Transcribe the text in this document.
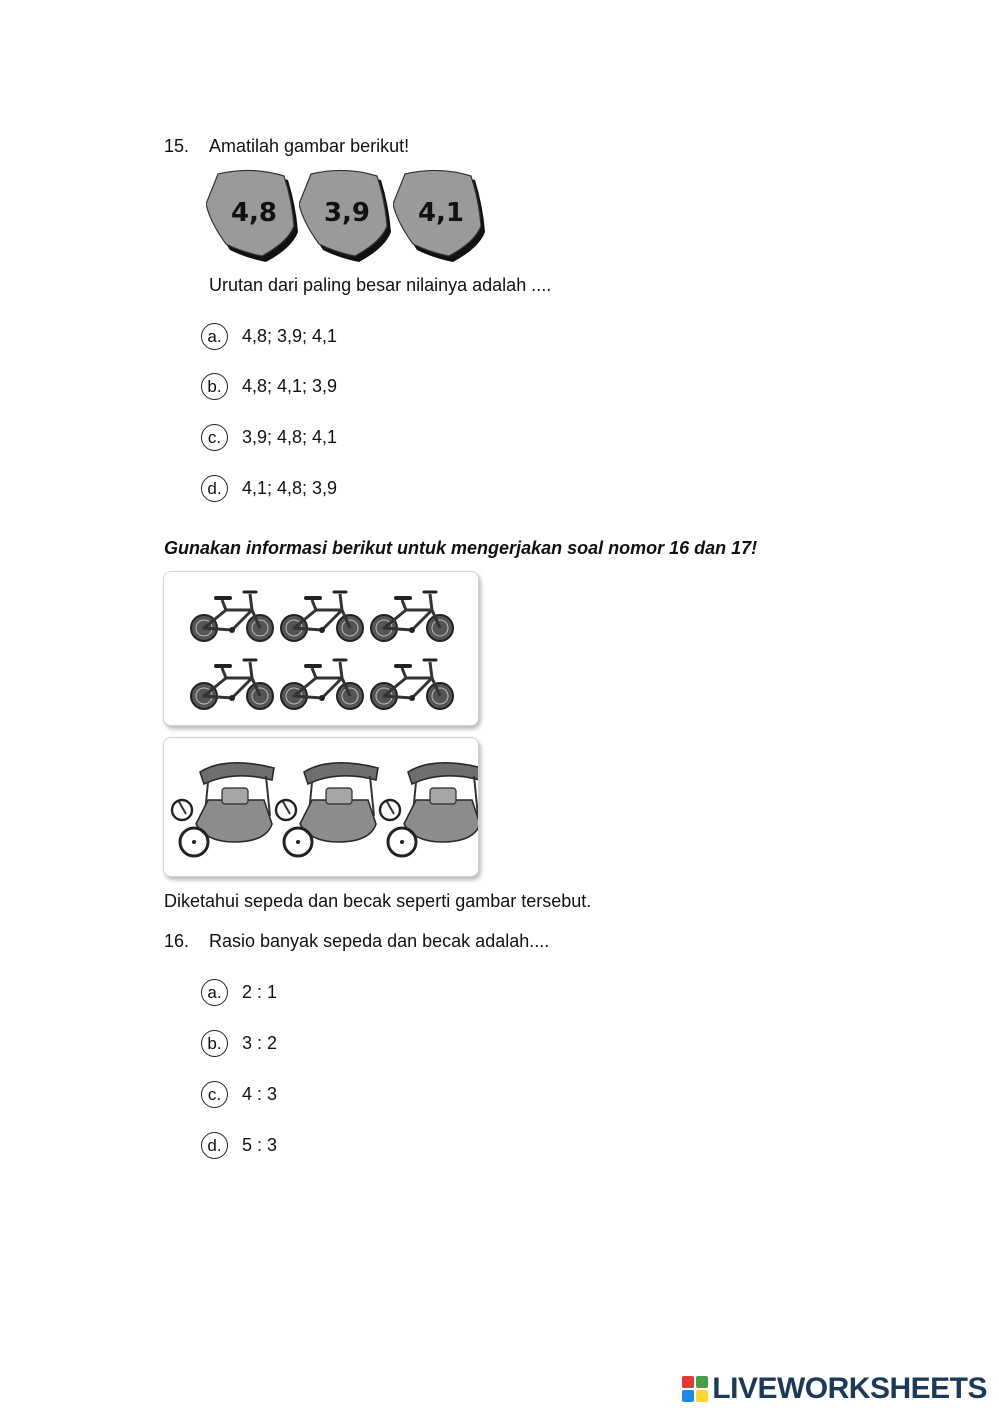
15. Amatilah gambar berikut!
4,8	3,9	4,1
Urutan dari paling besar nilainya adalah ....
a.	4,8; 3,9; 4,1
b.	4,8; 4,1; 3,9
c.	3,9; 4,8; 4,1
d.	4,1; 4,8; 3,9
Gunakan informasi berikut untuk mengerjakan soal nomor 16 dan 17!
Diketahui sepeda dan becak seperti gambar tersebut.
16. Rasio banyak sepeda dan becak adalah....
a.	2 : 1
b.	3 : 2
c.	4 : 3
d.	5 : 3
LIVEWORKSHEETS
